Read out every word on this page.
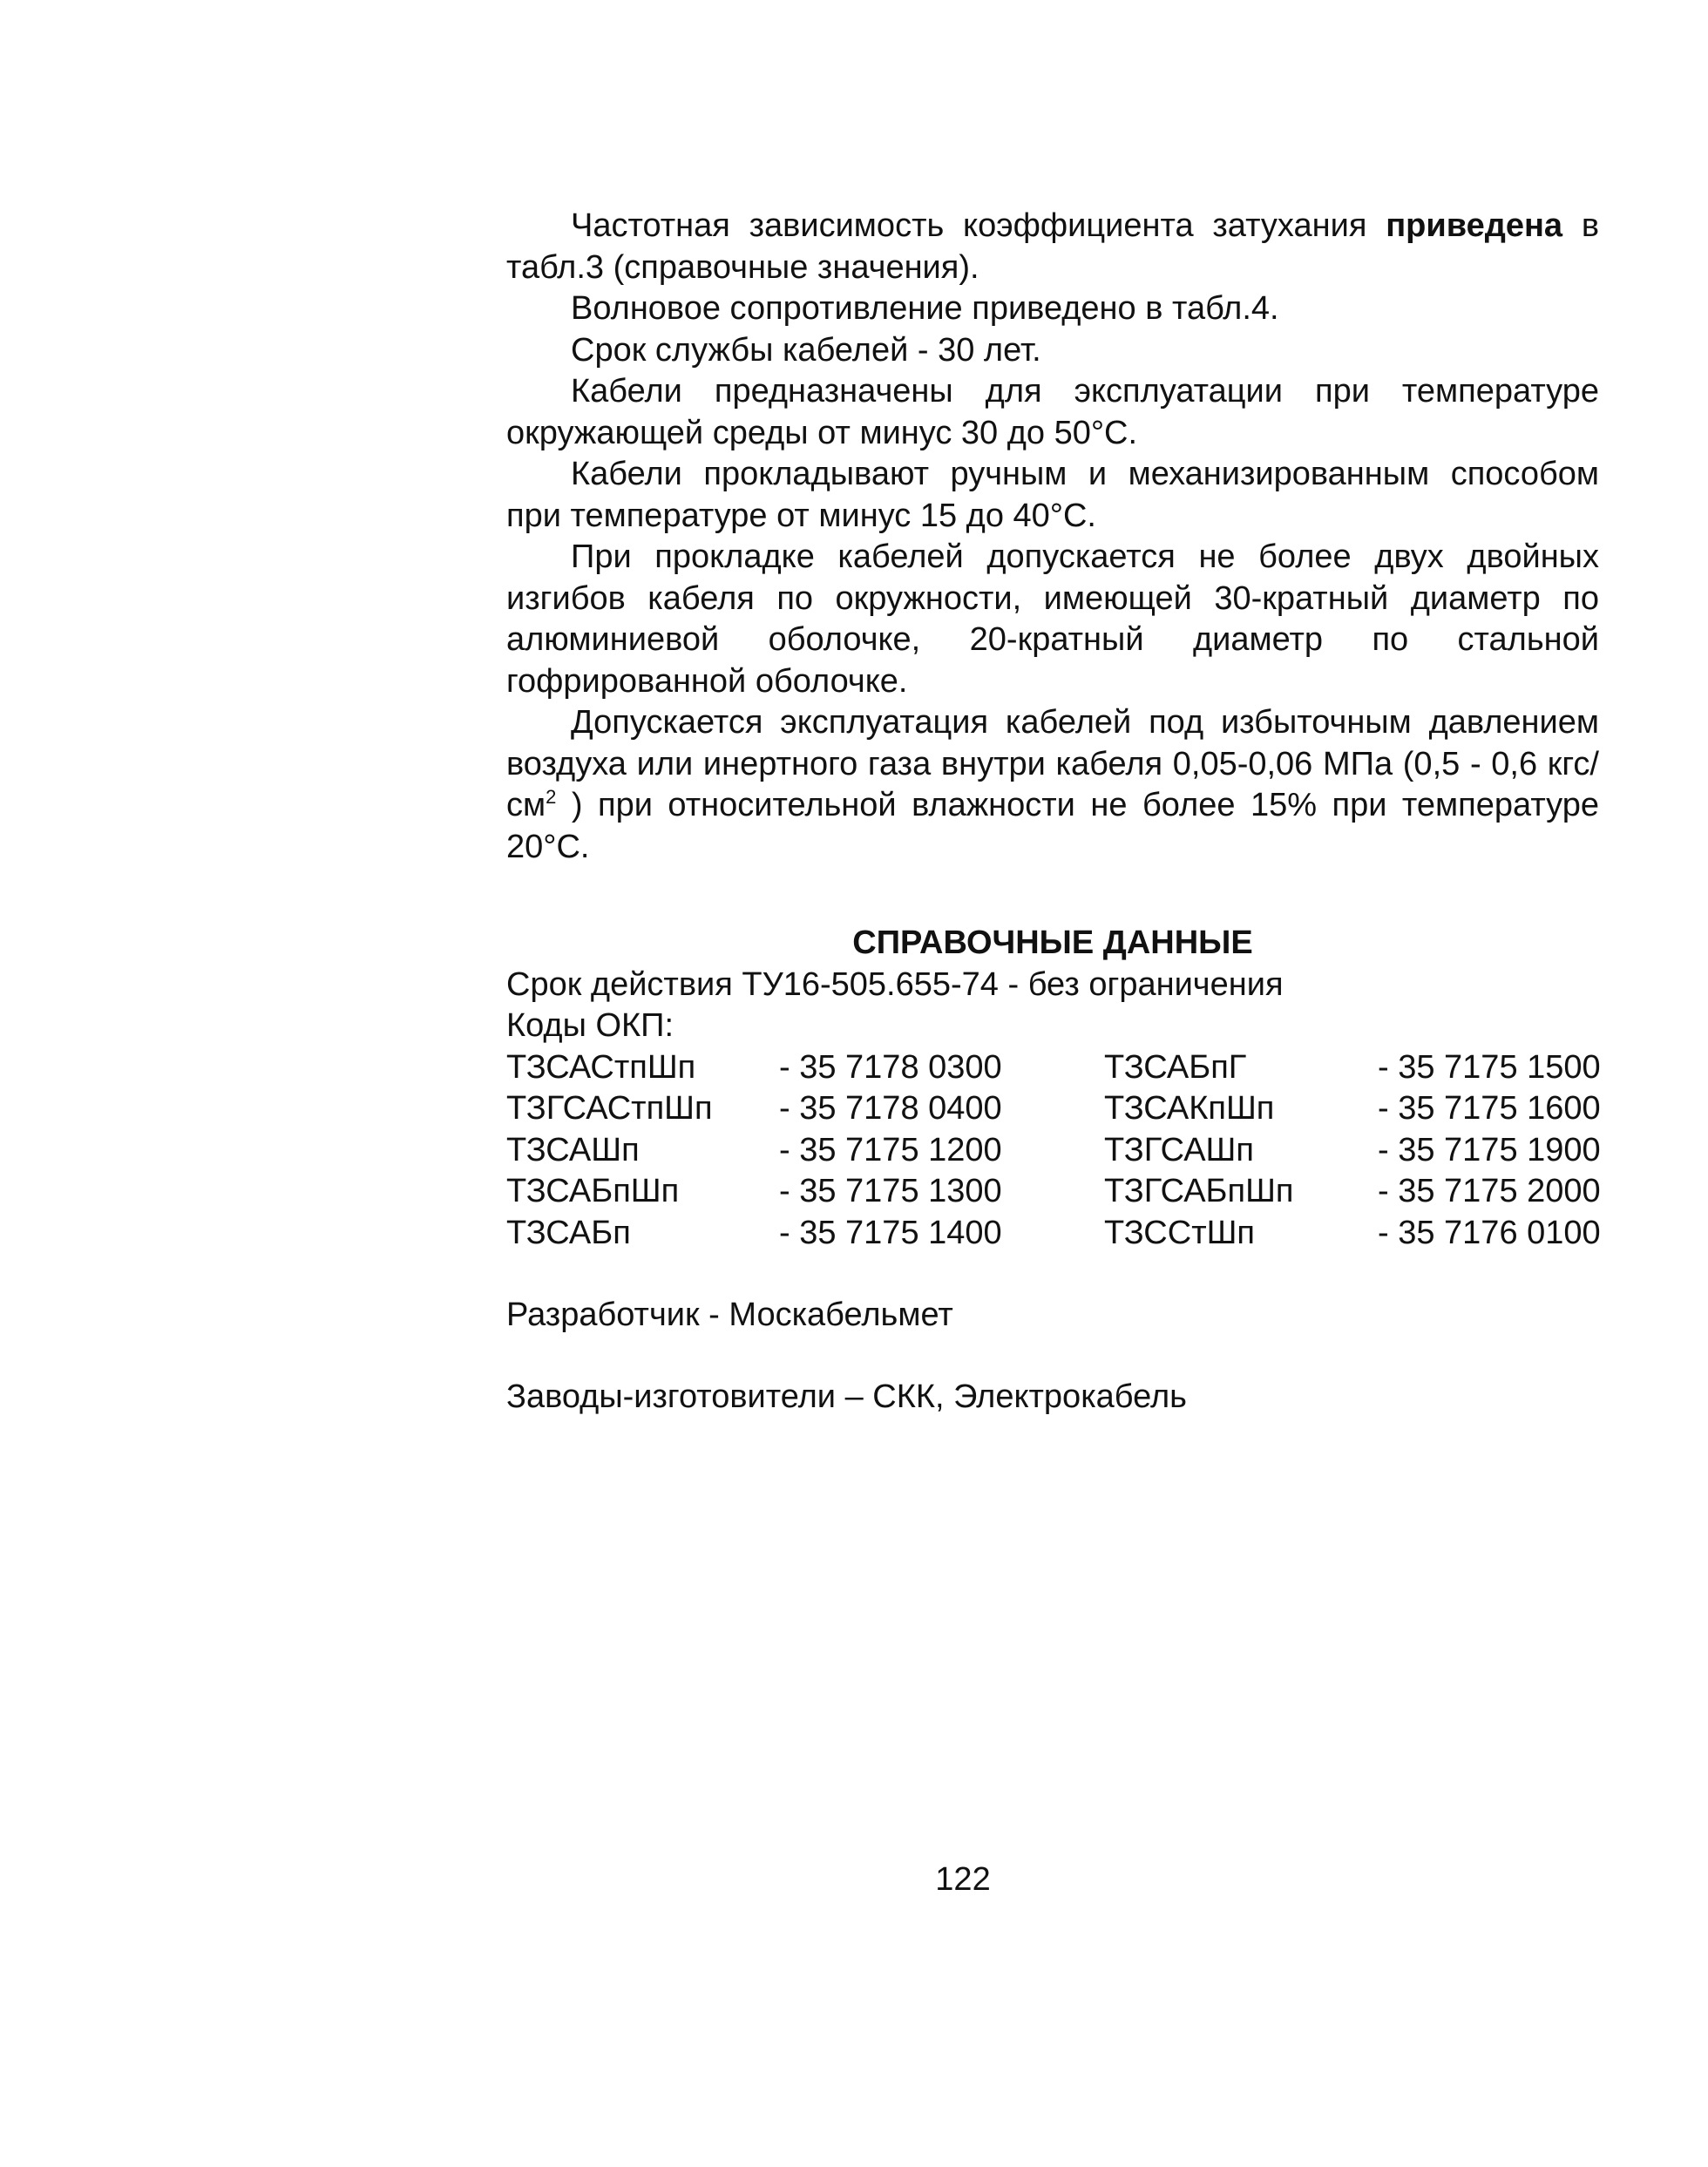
Частотная зависимость коэффициента затухания приведена в табл.3 (справочные значения).

Волновое сопротивление приведено в табл.4.

Срок службы кабелей - 30 лет.

Кабели предназначены для эксплуатации при температуре окружающей среды от минус 30 до 50°С.

Кабели прокладывают ручным и механизированным способом при температуре от минус 15 до 40°С.

При прокладке кабелей допускается не более двух двойных изгибов кабеля по окружности, имеющей 30-кратный диаметр по алюминиевой оболочке, 20-кратный диаметр по стальной гофрированной оболочке.

Допускается эксплуатация кабелей под избыточным давлением воздуха или инертного газа внутри кабеля 0,05-0,06 МПа (0,5 - 0,6 кгс/$см^2$ ) при относительной влажности не более 15% при температуре 20°С.

СПРАВОЧНЫЕ ДАННЫЕ
Срок действия ТУ16-505.655-74 - без ограничения
Коды ОКП:
ТЗСАСтпШп	- 35 7178 0300	ТЗСАБпГ	- 35 7175 1500
ТЗГСАСтпШп - 35 7178 0400	ТЗСАКпШп	- 35 7175 1600
ТЗСАШп	- 35 7175 1200	ТЗГСАШп	- 35 7175 1900
ТЗСАБпШп	- 35 7175 1300	ТЗГСАБпШп	- 35 7175 2000
ТЗСАБп	- 35 7175 1400	ТЗССтШп	- 35 7176 0100
Разработчик - Москабельмет
Заводы-изготовители – СКК, Электрокабель
122
